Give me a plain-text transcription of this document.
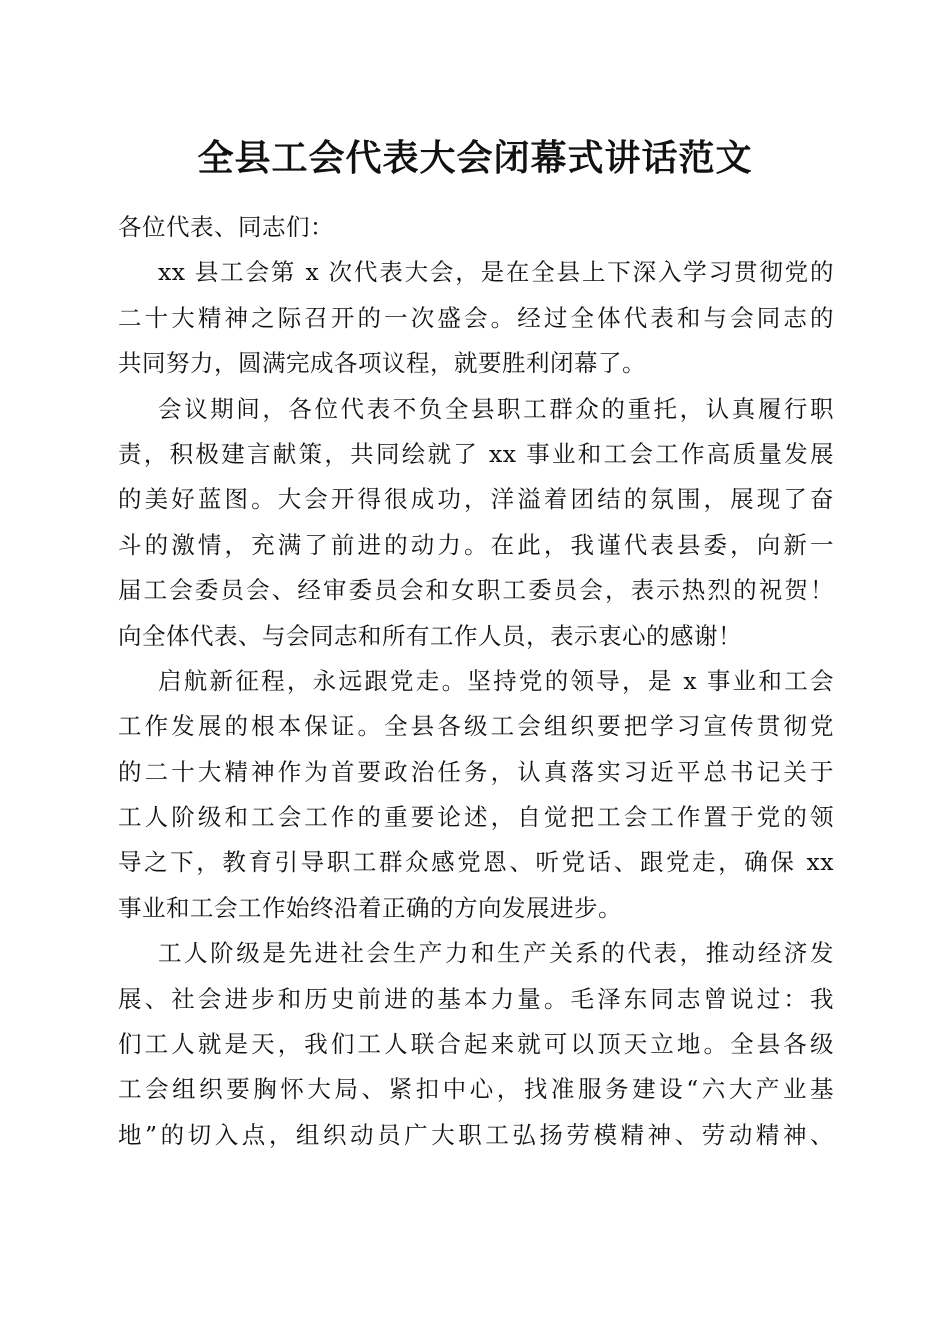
全县工会代表大会闭幕式讲话范文
各位代表、同志们：
xx 县工会第 x 次代表大会，是在全县上下深入学习贯彻党的
二十大精神之际召开的一次盛会。经过全体代表和与会同志的
共同努力，圆满完成各项议程，就要胜利闭幕了。
会议期间，各位代表不负全县职工群众的重托，认真履行职
责，积极建言献策，共同绘就了 xx 事业和工会工作高质量发展
的美好蓝图。大会开得很成功，洋溢着团结的氛围，展现了奋
斗的激情，充满了前进的动力。在此，我谨代表县委，向新一
届工会委员会、经审委员会和女职工委员会，表示热烈的祝贺！
向全体代表、与会同志和所有工作人员，表示衷心的感谢！
启航新征程，永远跟党走。坚持党的领导，是 x 事业和工会
工作发展的根本保证。全县各级工会组织要把学习宣传贯彻党
的二十大精神作为首要政治任务，认真落实习近平总书记关于
工人阶级和工会工作的重要论述，自觉把工会工作置于党的领
导之下，教育引导职工群众感党恩、听党话、跟党走，确保 xx
事业和工会工作始终沿着正确的方向发展进步。
工人阶级是先进社会生产力和生产关系的代表，推动经济发
展、社会进步和历史前进的基本力量。毛泽东同志曾说过：我
们工人就是天，我们工人联合起来就可以顶天立地。全县各级
工会组织要胸怀大局、紧扣中心，找准服务建设“六大产业基
地”的切入点，组织动员广大职工弘扬劳模精神、劳动精神、
